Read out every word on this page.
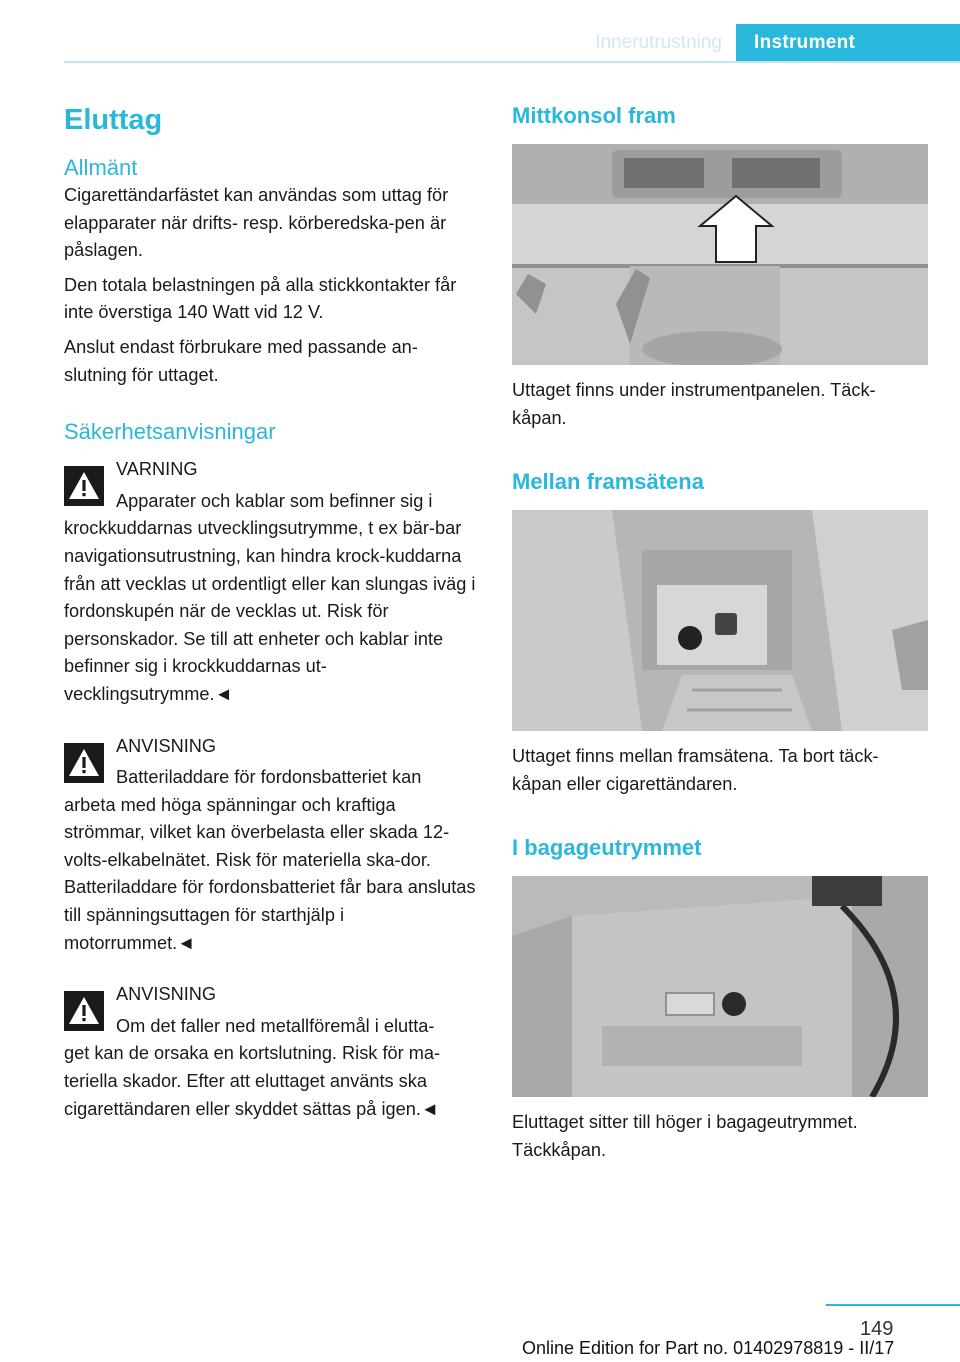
Innerutrustning	Instrument
Eluttag
Allmänt

Cigarettändarfästet kan användas som uttag för elapparater när drifts- resp. körberedska-pen är påslagen.

Den totala belastningen på alla stickkontakter får inte överstiga 140 Watt vid 12 V.

Anslut endast förbrukare med passande an-slutning för uttaget.

Säkerhetsanvisningar
VARNING
Apparater och kablar som befinner sig i
krockkuddarnas utvecklingsutrymme, t ex bär-bar navigationsutrustning, kan hindra krock-kuddarna från att vecklas ut ordentligt eller kan slungas iväg i fordonskupén när de vecklas ut. Risk för personskador. Se till att enheter och kablar inte befinner sig i krockkuddarnas ut-vecklingsutrymme.◄
ANVISNING
Batteriladdare för fordonsbatteriet kan
arbeta med höga spänningar och kraftiga strömmar, vilket kan överbelasta eller skada 12-volts-elkabelnätet. Risk för materiella ska-dor. Batteriladdare för fordonsbatteriet får bara anslutas till spänningsuttagen för starthjälp i motorrummet.◄
ANVISNING
Om det faller ned metallföremål i elutta-
get kan de orsaka en kortslutning. Risk för ma-teriella skador. Efter att eluttaget använts ska cigarettändaren eller skyddet sättas på igen.◄
Mittkonsol fram
Uttaget finns under instrumentpanelen. Täck-kåpan.
Mellan framsätena
Uttaget finns mellan framsätena. Ta bort täck-kåpan eller cigarettändaren.
I bagageutrymmet
Eluttaget sitter till höger i bagageutrymmet. Täckkåpan.
149
Online Edition for Part no. 01402978819 - II/17
